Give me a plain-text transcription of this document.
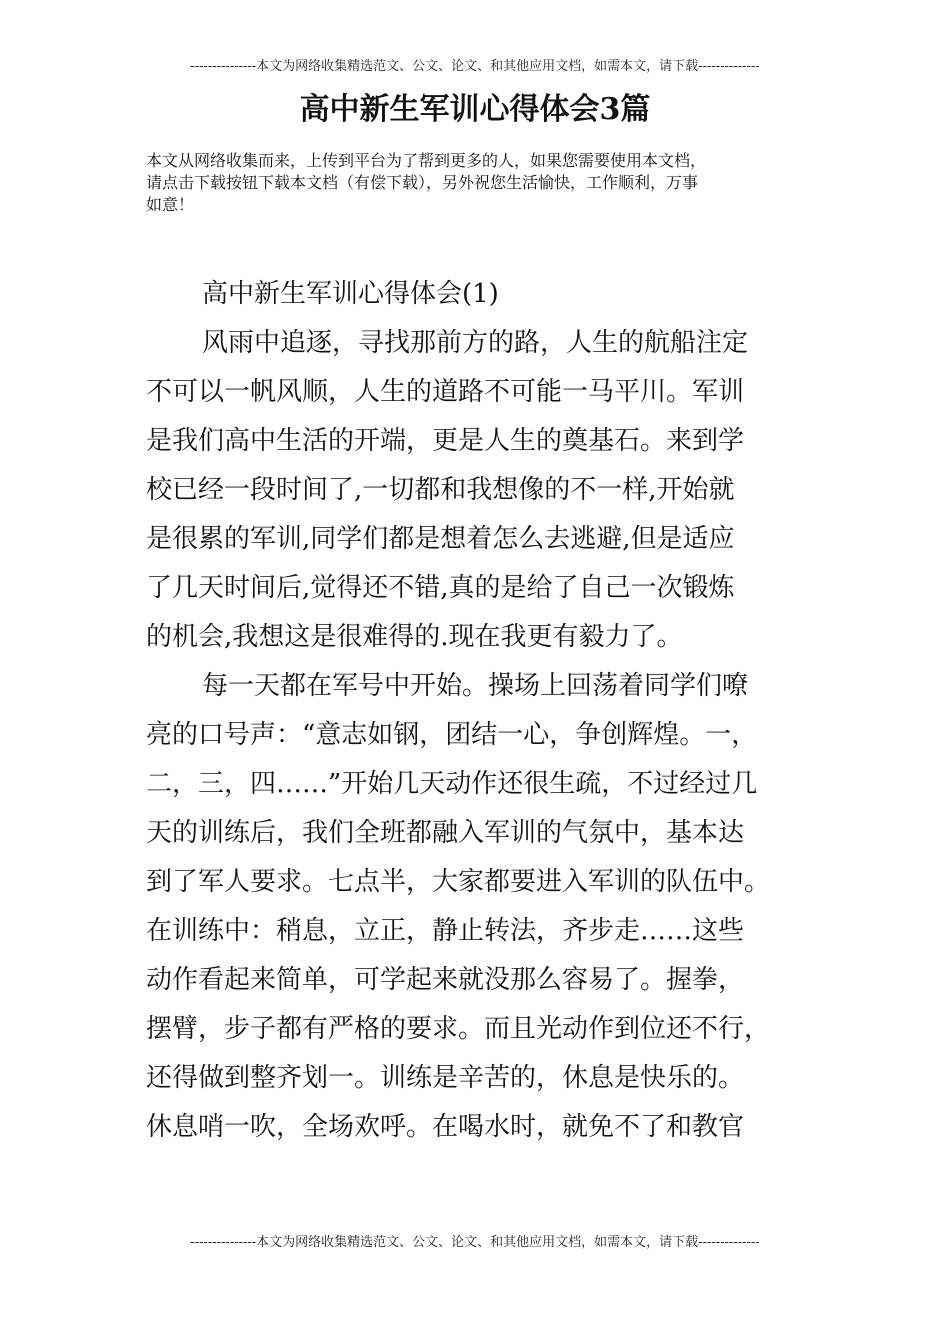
---------------本文为网络收集精选范文、公文、论文、和其他应用文档，如需本文，请下载--------------
高中新生军训心得体会3篇

本文从网络收集而来，上传到平台为了帮到更多的人，如果您需要使用本文档，
请点击下载按钮下载本文档（有偿下载），另外祝您生活愉快，工作顺利，万事
如意！

高中新生军训心得体会(1)
风雨中追逐，寻找那前方的路，人生的航船注定
不可以一帆风顺，人生的道路不可能一马平川。军训
是我们高中生活的开端，更是人生的奠基石。来到学
校已经一段时间了,一切都和我想像的不一样,开始就
是很累的军训,同学们都是想着怎么去逃避,但是适应
了几天时间后,觉得还不错,真的是给了自己一次锻炼
的机会,我想这是很难得的.现在我更有毅力了。
每一天都在军号中开始。操场上回荡着同学们嘹
亮的口号声：“意志如钢，团结一心，争创辉煌。一，
二，三，四……”开始几天动作还很生疏，不过经过几
天的训练后，我们全班都融入军训的气氛中，基本达
到了军人要求。七点半，大家都要进入军训的队伍中。
在训练中：稍息，立正，静止转法，齐步走……这些
动作看起来简单，可学起来就没那么容易了。握拳，
摆臂，步子都有严格的要求。而且光动作到位还不行，
还得做到整齐划一。训练是辛苦的，休息是快乐的。
休息哨一吹，全场欢呼。在喝水时，就免不了和教官
---------------本文为网络收集精选范文、公文、论文、和其他应用文档，如需本文，请下载--------------
